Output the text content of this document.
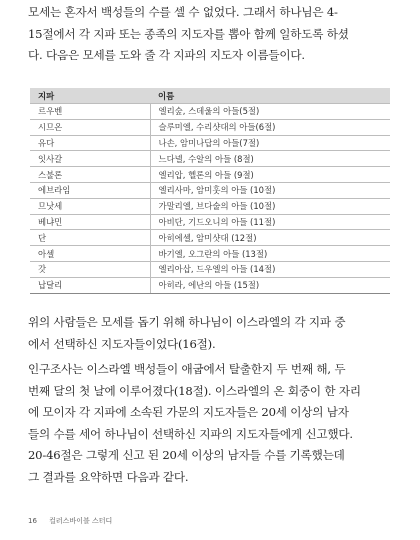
모세는 혼자서 백성들의 수를 셀 수 없었다. 그래서 하나님은 4-
15절에서 각 지파 또는 종족의 지도자를 뽑아 함께 일하도록 하셨
다. 다음은 모세를 도와 줄 각 지파의 지도자 이름들이다.
지파	이름
르우벤	엘리숲, 스데울의 아들(5절)
시므온	슬루미엘, 수리샷대의 아들(6절)
유다	나손, 암미나답의 아들(7절)
잇사갈	느다넬, 수알의 아들 (8절)
스불론	엘리압, 헬론의 아들 (9절)
에브라임	엘리사마, 암미훗의 아들 (10절)
므낫세	가말리엘, 브다술의 아들 (10절)
베냐민	아비단, 기드오니의 아들 (11절)
단	아히에셀, 암미샷대 (12절)
아셀	바기엘, 오그란의 아들 (13절)
갓	엘리아삽, 드우엘의 아들 (14절)
납달리	아히라, 에난의 아들 (15절)
위의 사람들은 모세를 돕기 위해 하나님이 이스라엘의 각 지파 중
에서 선택하신 지도자들이었다(16절).
인구조사는 이스라엘 백성들이 애굽에서 탈출한지 두 번째 해, 두
번째 달의 첫 날에 이루어졌다(18절). 이스라엘의 온 회중이 한 자리
에 모이자 각 지파에 소속된 가문의 지도자들은 20세 이상의 남자
들의 수를 세어 하나님이 선택하신 지파의 지도자들에게 신고했다.
20-46절은 그렇게 신고 된 20세 이상의 남자들 수를 기록했는데
그 결과를 요약하면 다음과 같다.
16 컬러스바이블 스터디
